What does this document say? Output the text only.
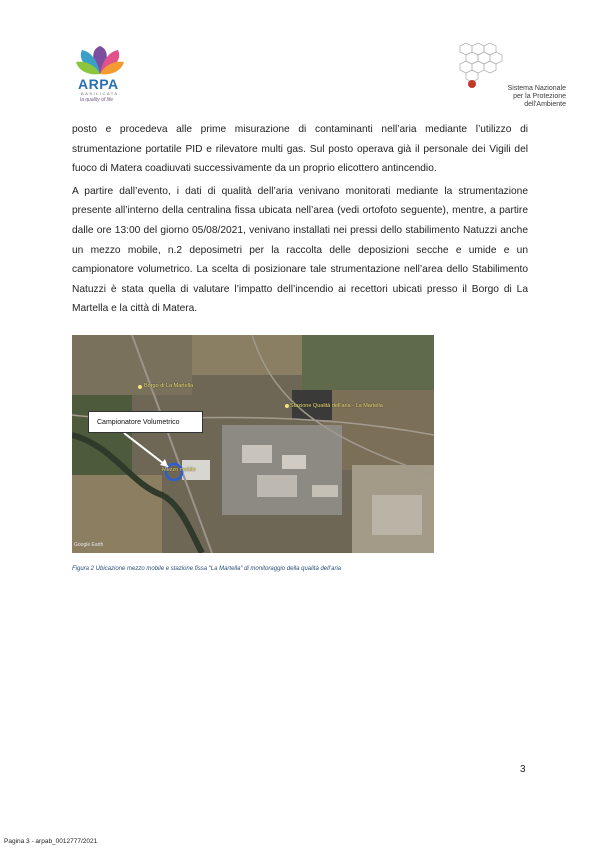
ARPA
BASILICATA
la quality of life
Sistema Nazionale
per la Protezione
dell'Ambiente

posto e procedeva alle prime misurazione di contaminanti nell’aria mediante l’utilizzo di strumentazione portatile PID e rilevatore multi gas. Sul posto operava già il personale dei Vigili del fuoco di Matera coadiuvati successivamente da un proprio elicottero antincendio.

A partire dall’evento, i dati di qualità dell’aria venivano monitorati mediante la strumentazione presente all’interno della centralina fissa ubicata nell’area (vedi ortofoto seguente), mentre, a partire dalle ore 13:00 del giorno 05/08/2021, venivano installati nei pressi dello stabilimento Natuzzi anche un mezzo mobile, n.2 deposimetri per la raccolta delle deposizioni secche e umide e un campionatore volumetrico. La scelta di posizionare tale strumentazione nell’area dello Stabilimento Natuzzi è stata quella di valutare l’impatto dell’incendio ai recettori ubicati presso il Borgo di La Martella e la città di Matera.

Campionatore Volumetrico
Borgo di La Martella
Stazione Qualità dell'aria - La Martella
Mezzo mobile
Google Earth
Figura 2 Ubicazione mezzo mobile e stazione fissa “La Martella” di monitoraggio della qualità dell’aria
3
Pagina 3 - arpab_0012777/2021
